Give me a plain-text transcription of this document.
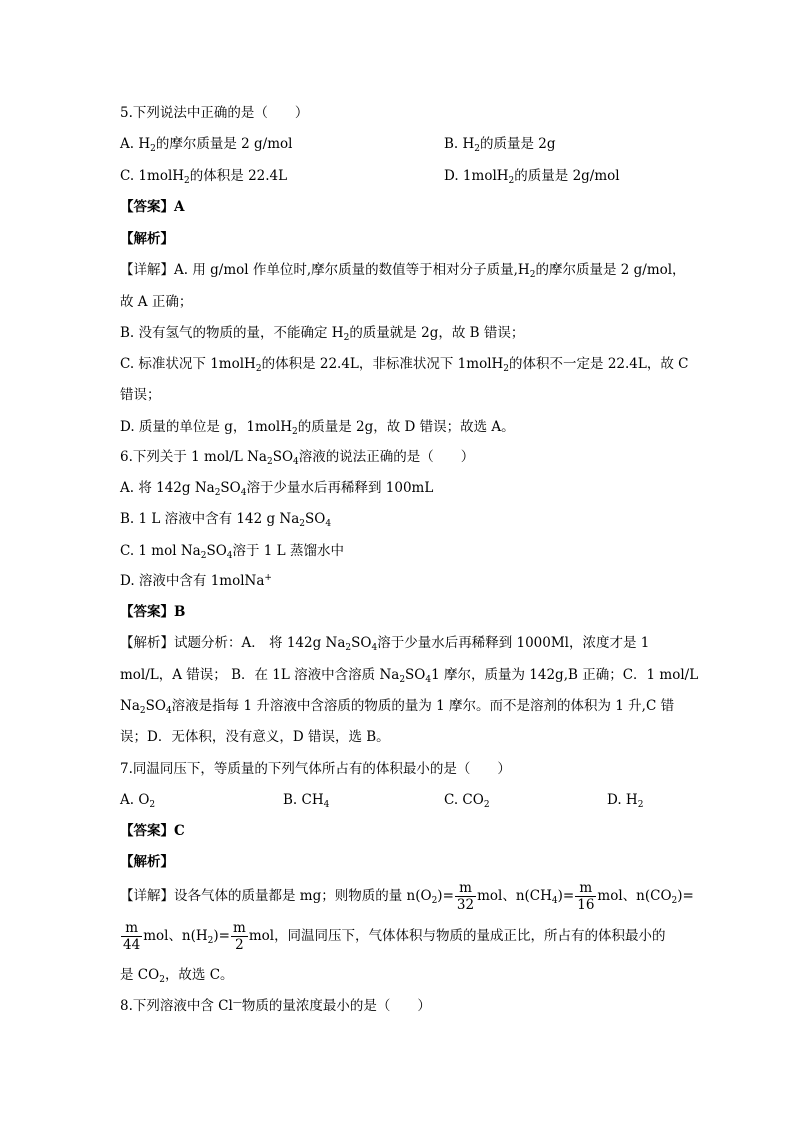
5.下列说法中正确的是（　　）
A. $H_2$的摩尔质量是 2 g/mol	B. $H_2$的质量是 2g
C. 1molH$_2$的体积是 22.4L	D. 1molH$_2$的质量是 2g/mol
【答案】A
【解析】
【详解】A. 用 g/mol 作单位时,摩尔质量的数值等于相对分子质量$,H_2$的摩尔质量是 2 g/mol，
故 A 正确；
B. 没有氢气的物质的量，不能确定 $H_2$的质量就是 2g，故 B 错误；
C. 标准状况下 1molH$_2$的体积是 22.4L，非标准状况下 1molH$_2$的体积不一定是 22.4L，故 C
错误；
D. 质量的单位是 g，1molH$_2$的质量是 2g，故 D 错误；故选 A。
6.下列关于 1 mol/L $Na_2SO_4$溶液的说法正确的是（　　）
A. 将 142g $Na_2SO_4$溶于少量水后再稀释到 100mL
B. 1 L 溶液中含有 142 g $Na_2SO_4$
C. 1 mol $Na_2SO_4$溶于 1 L 蒸馏水中
D. 溶液中含有 1molNa+
【答案】B
【解析】试题分析：A． 将 142g $Na_2SO_4$溶于少量水后再稀释到 1000Ml，浓度才是 1
mol/L，A 错误； B．在 1L 溶液中含溶质 $Na_2SO_41$ 摩尔，质量为 142g,B 正确；C．1 mol/L
$Na_2SO_4$溶液是指每 1 升溶液中含溶质的物质的量为 1 摩尔。而不是溶剂的体积为 1 升,C 错
误；D．无体积，没有意义，D 错误，选 B。
7.同温同压下，等质量的下列气体所占有的体积最小的是（　　）
A. $O_2$	B. $CH_4$	C. $CO_2$	D. $H_2$
【答案】C
【解析】
【详解】设各气体的质量都是 mg；则物质的量 $n(O_2)= \frac{m}{32}$ mol、$n(CH_4)= \frac{m}{16}$ mol、$n(CO_2)=$
$\frac{m}{44}$ mol、$n(H_2)= \frac{m}{2}$ mol，同温同压下，气体体积与物质的量成正比，所占有的体积最小的
是 $CO_2$，故选 C。
8.下列溶液中含 Cl—物质的量浓度最小的是（　　）
